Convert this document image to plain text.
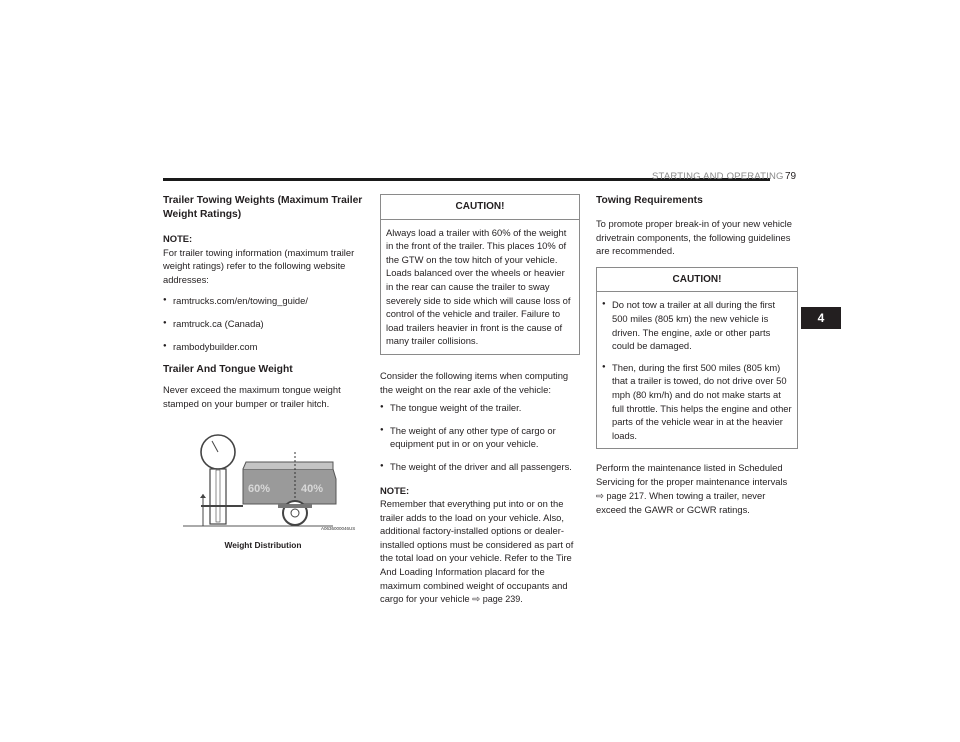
STARTING AND OPERATING 79
4
Trailer Towing Weights (Maximum Trailer Weight Ratings)

NOTE:

For trailer towing information (maximum trailer weight ratings) refer to the following website addresses:

● ramtrucks.com/en/towing_guide/
● ramtruck.ca (Canada)
● rambodybuilder.com
Trailer And Tongue Weight

Never exceed the maximum tongue weight stamped on your bumper or trailer hitch.

60%	40%
A0636000046US

Weight Distribution

CAUTION!
Always load a trailer with 60% of the weight in the front of the trailer. This places 10% of the GTW on the tow hitch of your vehicle. Loads balanced over the wheels or heavier in the rear can cause the trailer to sway severely side to side which will cause loss of control of the vehicle and trailer. Failure to load trailers heavier in front is the cause of many trailer collisions.

Consider the following items when computing the weight on the rear axle of the vehicle:

● The tongue weight of the trailer.
● The weight of any other type of cargo or equipment put in or on your vehicle.
● The weight of the driver and all passengers.

NOTE:

Remember that everything put into or on the trailer adds to the load on your vehicle. Also, additional factory-installed options or dealer-installed options must be considered as part of the total load on your vehicle. Refer to the Tire And Loading Information placard for the maximum combined weight of occupants and cargo for your vehicle ⇨ page 239.

Towing Requirements

To promote proper break-in of your new vehicle drivetrain components, the following guidelines are recommended.

CAUTION!
● Do not tow a trailer at all during the first 500 miles (805 km) the new vehicle is driven. The engine, axle or other parts could be damaged.
● Then, during the first 500 miles (805 km) that a trailer is towed, do not drive over 50 mph (80 km/h) and do not make starts at full throttle. This helps the engine and other parts of the vehicle wear in at the heavier loads.

Perform the maintenance listed in Scheduled Servicing for the proper maintenance intervals
⇨ page 217. When towing a trailer, never exceed the GAWR or GCWR ratings.
